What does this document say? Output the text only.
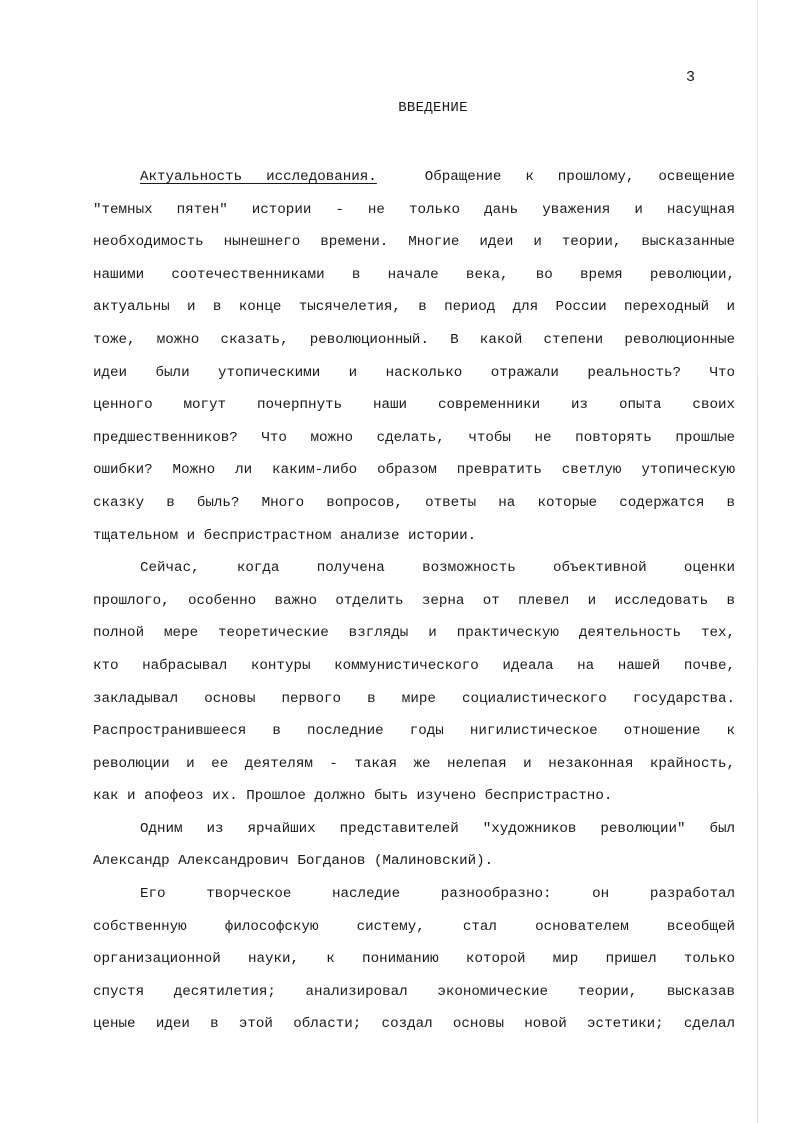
3
ВВЕДЕНИЕ
Актуальность исследования.	Обращение к прошлому, освещение
"темных пятен" истории - не только дань уважения и насущная
необходимость нынешнего времени. Многие идеи и теории, высказанные
нашими соотечественниками в начале века, во время революции,
актуальны и в конце тысячелетия, в период для России переходный и
тоже, можно сказать, революционный. В какой степени революционные
идеи были утопическими и насколько отражали реальность? Что
ценного могут почерпнуть наши современники из опыта своих
предшественников? Что можно сделать, чтобы не повторять прошлые
ошибки? Можно ли каким-либо образом превратить светлую утопическую
сказку в быль? Много вопросов, ответы на которые содержатся в
тщательном и беспристрастном анализе истории.
Сейчас, когда получена возможность объективной оценки
прошлого, особенно важно отделить зерна от плевел и исследовать в
полной мере теоретические взгляды и практическую деятельность тех,
кто набрасывал контуры коммунистического идеала на нашей почве,
закладывал основы первого в мире социалистического государства.
Распространившееся в последние годы нигилистическое отношение к
революции и ее деятелям - такая же нелепая и незаконная крайность,
как и апофеоз их. Прошлое должно быть изучено беспристрастно.
Одним из ярчайших представителей "художников революции" был
Александр Александрович Богданов (Малиновский).
Его творческое наследие разнообразно: он разработал
собственную философскую систему, стал основателем всеобщей
организационной науки, к пониманию которой мир пришел только
спустя десятилетия; анализировал экономические теории, высказав
ценые идеи в этой области; создал основы новой эстетики; сделал
